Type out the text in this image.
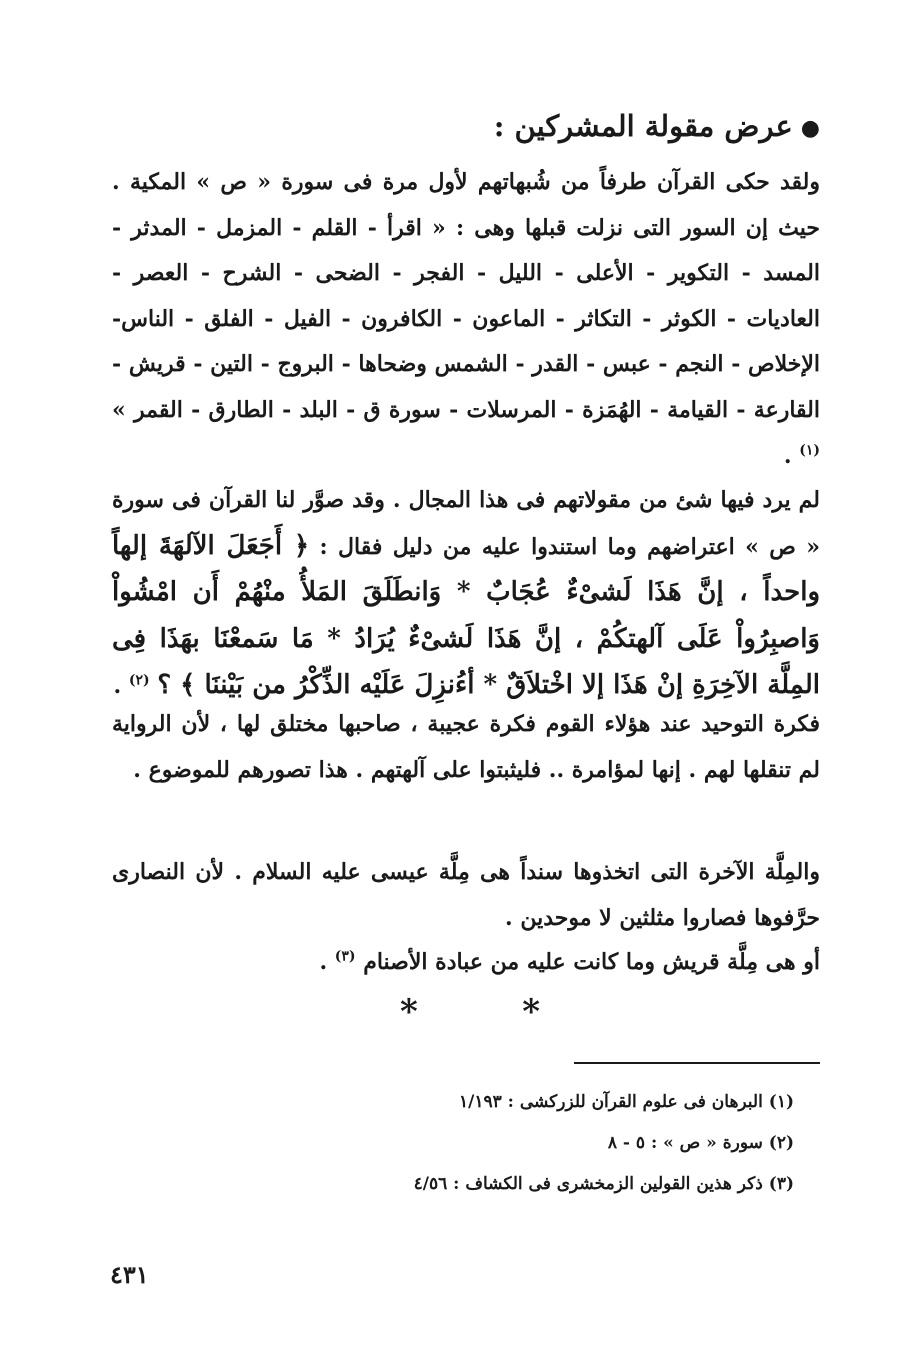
●عرض مقولة المشركين :
ولقد حكى القرآن طرفاً من شُبهاتهم لأول مرة فى سورة « ص » المكية . حيث إن السور التى نزلت قبلها وهى : « اقرأ - القلم - المزمل - المدثر - المسد - التكوير - الأعلى - الليل - الفجر - الضحى - الشرح - العصر - العاديات - الكوثر - التكاثر - الماعون - الكافرون - الفيل - الفلق - الناس- الإخلاص - النجم - عبس - القدر - الشمس وضحاها - البروج - التين - قريش - القارعة - القيامة - الهُمَزة - المرسلات - سورة ق - البلد - الطارق - القمر » $^{(١)}$ .
لم يرد فيها شئ من مقولاتهم فى هذا المجال . وقد صوَّر لنا القرآن فى سورة « ص » اعتراضهم وما استندوا عليه من دليل فقال : ﴿ أَجَعَلَ الآلهَةَ إلهاً واحداً ، إنَّ هَذَا لَشىْءٌ عُجَابٌ * وَانطَلَقَ المَلأُ منْهُمْ أَن امْشُواْ وَاصبِرُواْ عَلَى آلهتكُمْ ، إنَّ هَذَا لَشىْءٌ يُرَادُ * مَا سَمعْنَا بهَذَا فِى المِلَّة الآخِرَةِ إنْ هَذَا إلا اخْتلاَقٌ * أءُنزِلَ عَلَيْه الذِّكْرُ من بَيْننَا ﴾ ؟ $^{(٢)}$ .
فكرة التوحيد عند هؤلاء القوم فكرة عجيبة ، صاحبها مختلق لها ، لأن الرواية لم تنقلها لهم . إنها لمؤامرة .. فليثبتوا على آلهتهم . هذا تصورهم للموضوع .
والمِلَّة الآخرة التى اتخذوها سنداً هى مِلَّة عيسى عليه السلام . لأن النصارى حرَّفوها فصاروا مثلثين لا موحدين .
أو هى مِلَّة قريش وما كانت عليه من عبادة الأصنام $^{(٣)}$ .
*
*
(١) البرهان فى علوم القرآن للزركشى : ١/١٩٣
(٢) سورة « ص » : ٥ - ٨
(٣) ذكر هذين القولين الزمخشرى فى الكشاف : ٤/٥٦
٤٣١
